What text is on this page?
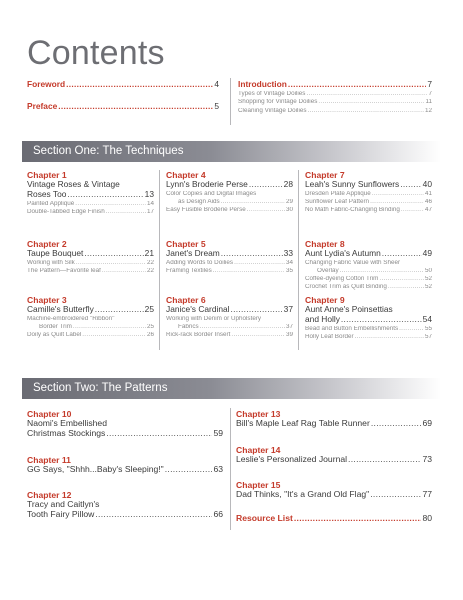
Contents
Foreword .....	4
Preface .....	5
Introduction .....	7
Types of Vintage Doilies .....	7
Shopping for Vintage Doilies .....	11
Cleaning Vintage Doilies .....	12
Section One: The Techniques
Section Two: The Patterns
Chapter 1
Vintage Roses & Vintage
Roses Too .....	13
Painted Appliqué .....	14
Double-Tabbed Edge Finish .....	17
Chapter 2
Taupe Bouquet .....	21
Working with Silk .....	22
The Pattern—Favorite leaf .....	22
Chapter 3
Camille's Butterfly .....	25
Machine-embroidered "Ribbon"
Border Trim .....	25
Doily as Quilt Label .....	26
Chapter 4
Lynn's Broderie Perse .....	28
Color Copies and Digital Images
as Design Aids .....	29
Easy Fusible Broderie Perse .....	30
Chapter 5
Janet's Dream .....	33
Adding Words to Doilies .....	34
Framing Textiles .....	35
Chapter 6
Janice's Cardinal .....	37
Working with Denim or Upholstery
Fabrics .....	37
Rick-rack Border Insert .....	39
Chapter 7
Leah's Sunny Sunflowers .....	40
Dresden Plate Appliqué .....	41
Sunflower Leaf Pattern .....	46
No Math Fabric-Changing Binding .....	47
Chapter 8
Aunt Lydia's Autumn .....	49
Changing Fabric Value with Sheer
Overlay .....	50
Coffee-dyeing Cotton Trim .....	52
Crochet Trim as Quilt Binding .....	52
Chapter 9
Aunt Anne's Poinsettias
and Holly .....	54
Bead and Button Embellishments .....	55
Holly Leaf Border .....	57
Chapter 10
Naomi's Embellished
Christmas Stockings .....	59
Chapter 11
GG Says, "Shhh...Baby's Sleeping!" .....	63
Chapter 12
Tracy and Caitlyn's
Tooth Fairy Pillow .....	66
Chapter 13
Bill's Maple Leaf Rag Table Runner .....	69
Chapter 14
Leslie's Personalized Journal .....	73
Chapter 15
Dad Thinks, "It's a Grand Old Flag" .....	77
Resource List .....	80
